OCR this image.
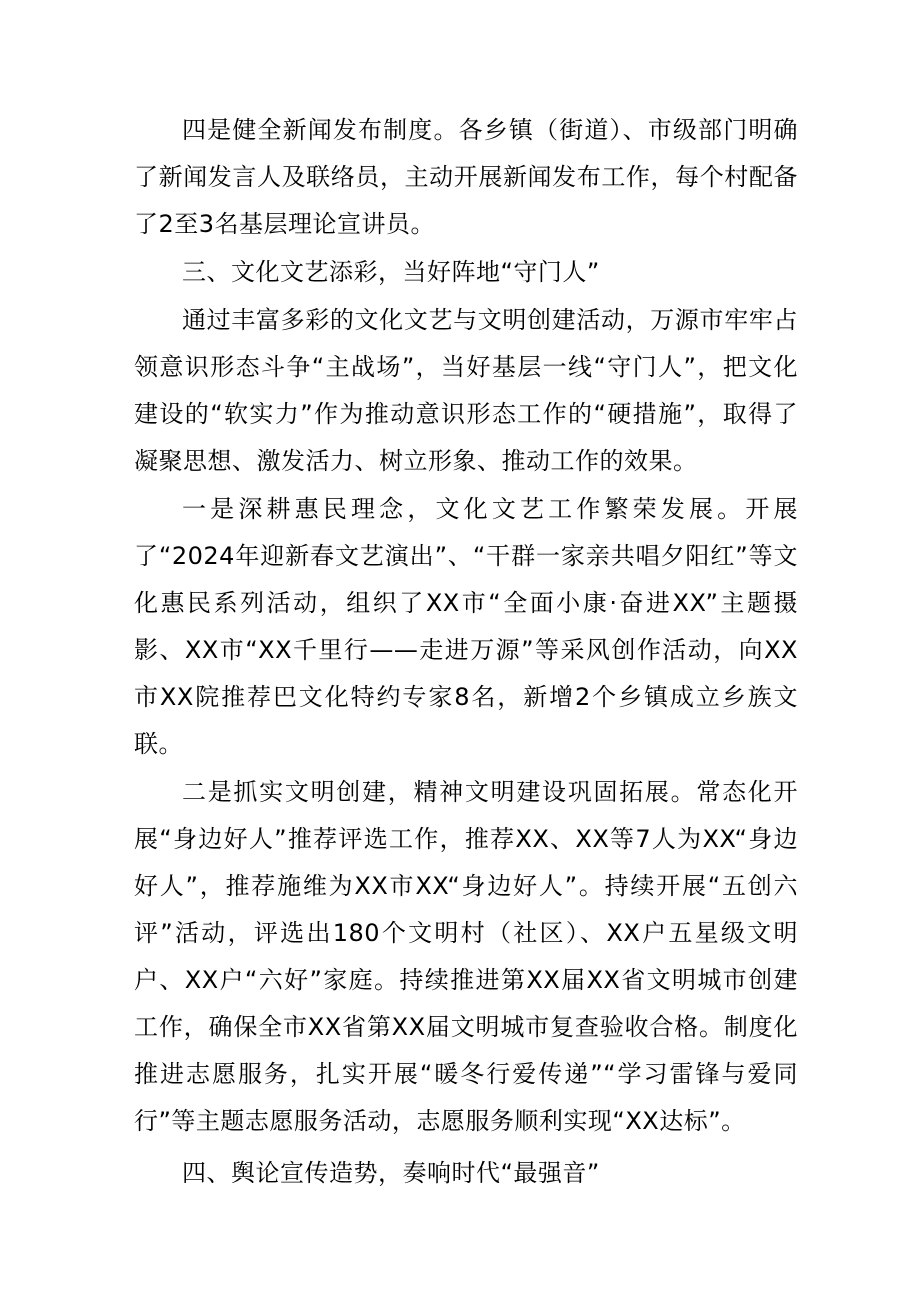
四是健全新闻发布制度。各乡镇（街道）、市级部门明确了新闻发言人及联络员，主动开展新闻发布工作，每个村配备了2至3名基层理论宣讲员。

三、文化文艺添彩，当好阵地“守门人”

通过丰富多彩的文化文艺与文明创建活动，万源市牢牢占领意识形态斗争“主战场”，当好基层一线“守门人”，把文化建设的“软实力”作为推动意识形态工作的“硬措施”，取得了凝聚思想、激发活力、树立形象、推动工作的效果。

一是深耕惠民理念，文化文艺工作繁荣发展。开展了“2024年迎新春文艺演出”、“干群一家亲共唱夕阳红”等文化惠民系列活动，组织了XX市“全面小康·奋进XX”主题摄影、XX市“XX千里行——走进万源”等采风创作活动，向XX市XX院推荐巴文化特约专家8名，新增2个乡镇成立乡族文联。

二是抓实文明创建，精神文明建设巩固拓展。常态化开展“身边好人”推荐评选工作，推荐XX、XX等7人为XX“身边好人”，推荐施维为XX市XX“身边好人”。持续开展“五创六评”活动，评选出180个文明村（社区）、XX户五星级文明户、XX户“六好”家庭。持续推进第XX届XX省文明城市创建工作，确保全市XX省第XX届文明城市复查验收合格。制度化推进志愿服务，扎实开展“暖冬行爱传递”“学习雷锋与爱同行”等主题志愿服务活动，志愿服务顺利实现“XX达标”。

四、舆论宣传造势，奏响时代“最强音”
